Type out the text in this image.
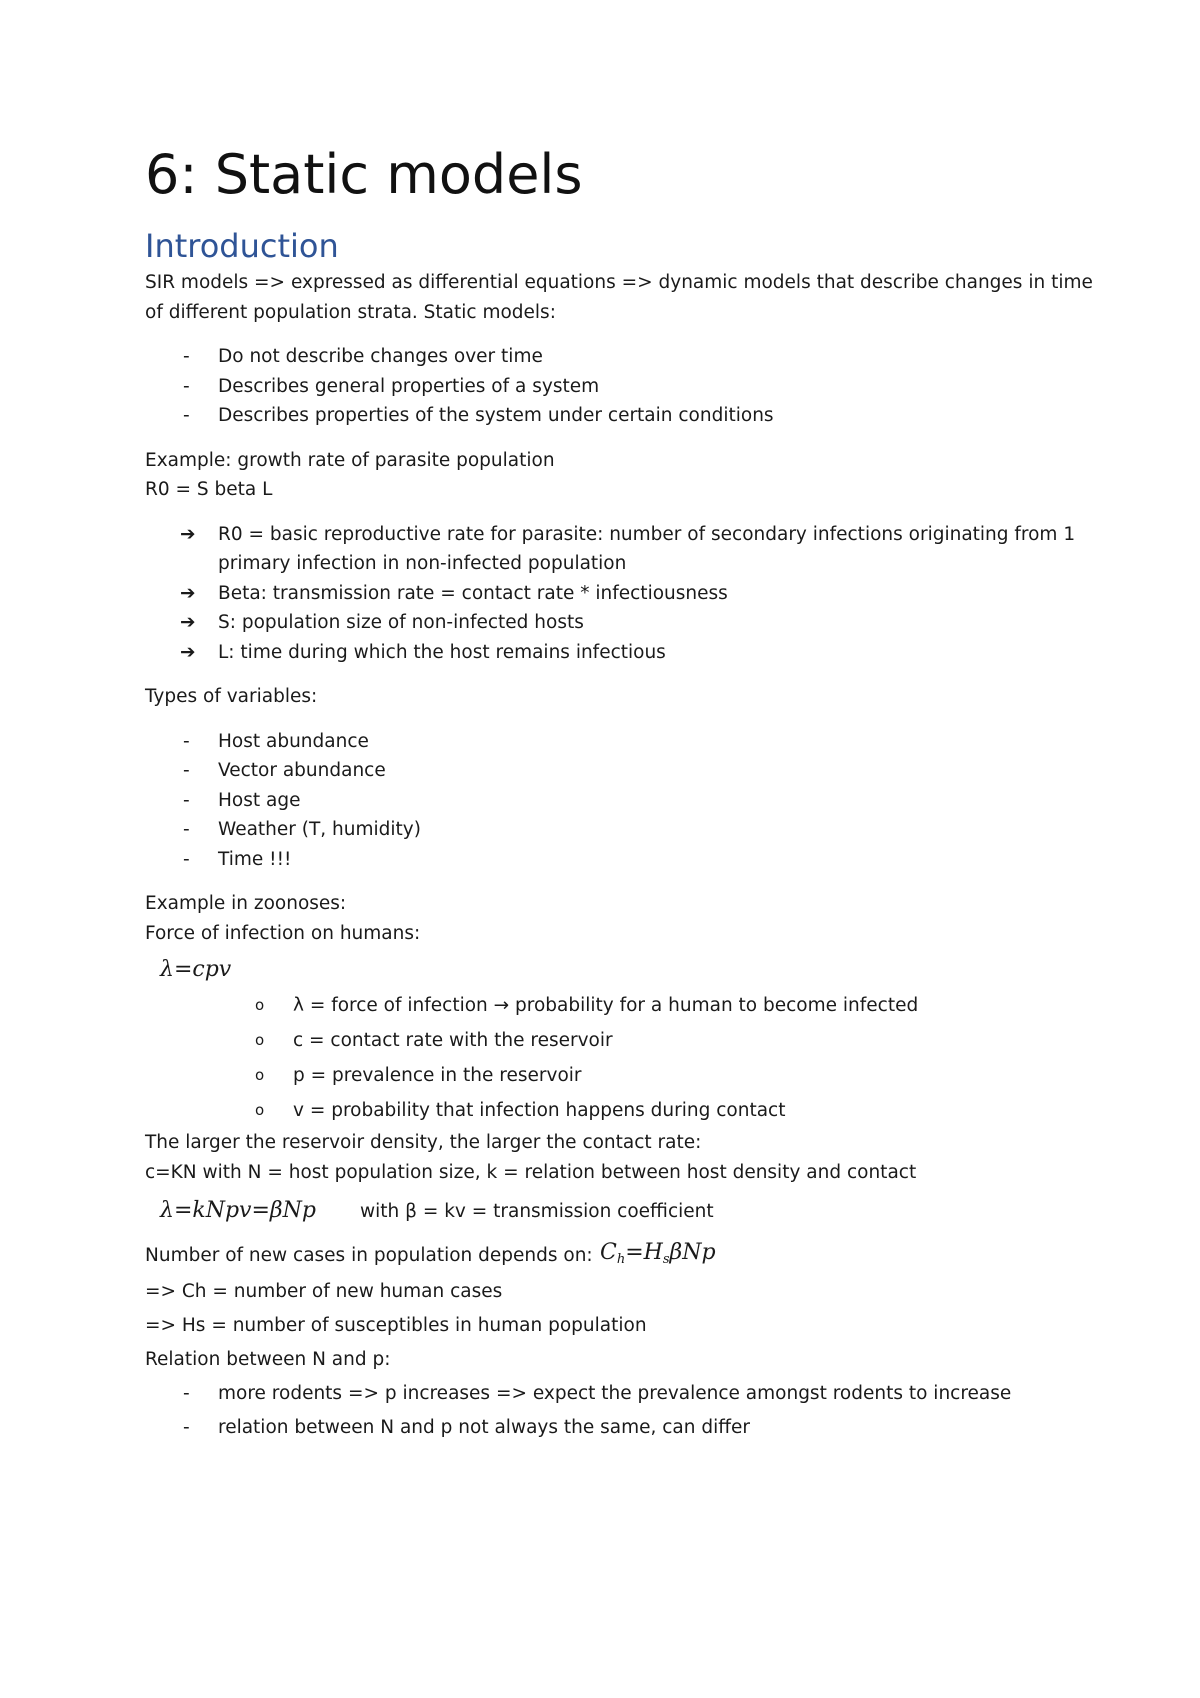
6: Static models
Introduction

SIR models => expressed as differential equations => dynamic models that describe changes in time

of different population strata. Static models:

- Do not describe changes over time
- Describes general properties of a system
- Describes properties of the system under certain conditions

Example: growth rate of parasite population

R0 = S beta L

➔ R0 = basic reproductive rate for parasite: number of secondary infections originating from 1 primary infection in non-infected population
➔ Beta: transmission rate = contact rate * infectiousness
➔ S: population size of non-infected hosts
➔ L: time during which the host remains infectious

Types of variables:

- Host abundance
- Vector abundance
- Host age
- Weather (T, humidity)
- Time !!!

Example in zoonoses:

Force of infection on humans:

λ=cpv

o λ = force of infection → probability for a human to become infected
o c = contact rate with the reservoir
o p = prevalence in the reservoir
o v = probability that infection happens during contact

The larger the reservoir density, the larger the contact rate:

c=KN with N = host population size, k = relation between host density and contact

λ=kNpv=βNp with β = kv = transmission coefficient
Number of new cases in population depends on: $C_h=H_s\beta Np$

=> Ch = number of new human cases

=> Hs = number of susceptibles in human population

Relation between N and p:

- more rodents => p increases => expect the prevalence amongst rodents to increase
- relation between N and p not always the same, can differ
